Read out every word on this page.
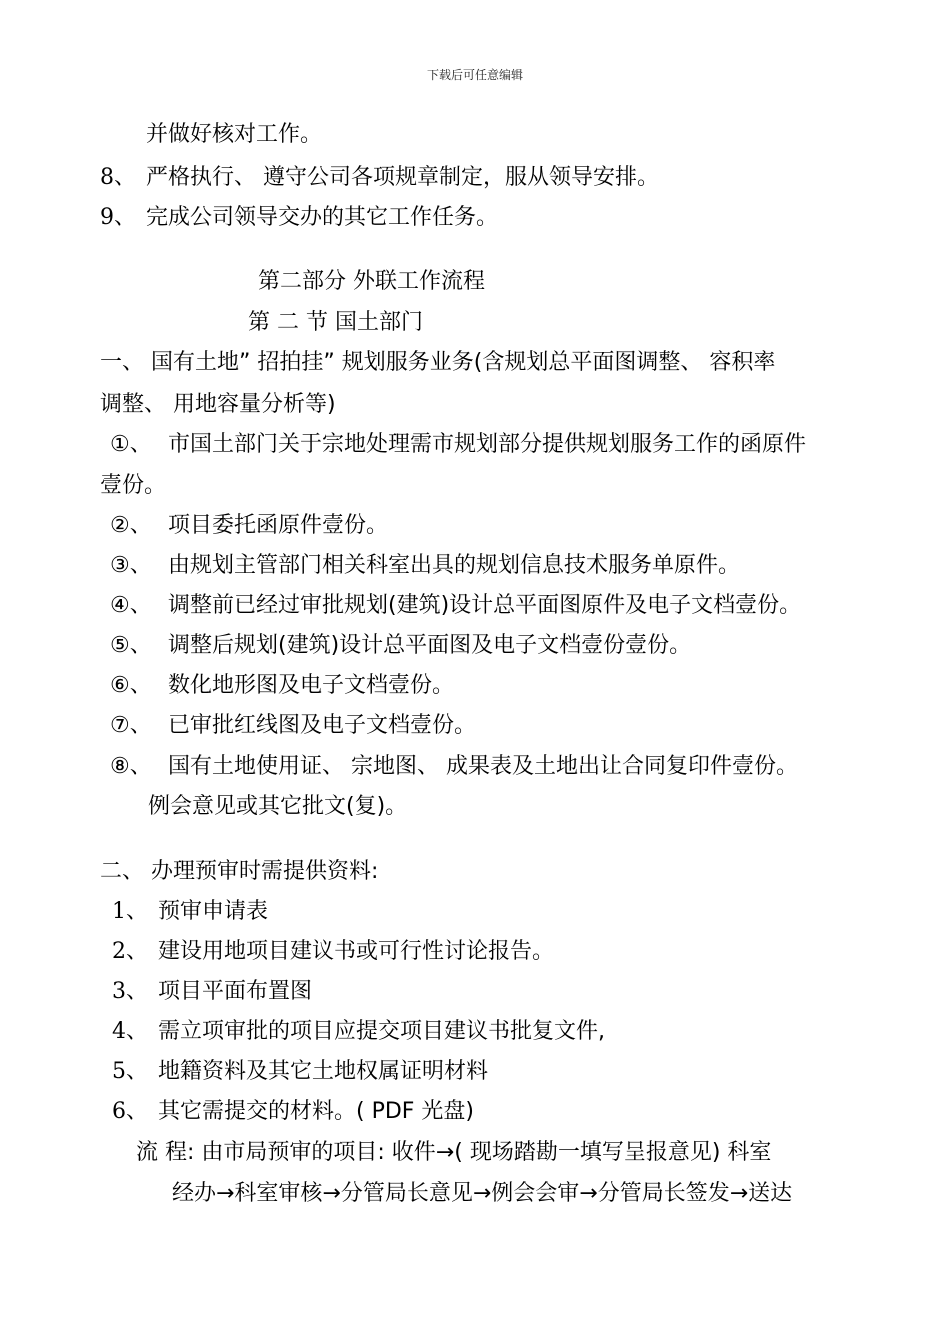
下载后可任意编辑
并做好核对工作。
8、 严格执行、 遵守公司各项规章制定，服从领导安排。
9、 完成公司领导交办的其它工作任务。
第二部分 外联工作流程
第 二 节 国土部门
一、 国有土地” 招拍挂” 规划服务业务(含规划总平面图调整、 容积率
调整、 用地容量分析等)
①、 市国土部门关于宗地处理需市规划部分提供规划服务工作的函原件
壹份。
②、 项目委托函原件壹份。
③、 由规划主管部门相关科室出具的规划信息技术服务单原件。
④、 调整前已经过审批规划(建筑)设计总平面图原件及电子文档壹份。
⑤、 调整后规划(建筑)设计总平面图及电子文档壹份壹份。
⑥、 数化地形图及电子文档壹份。
⑦、 已审批红线图及电子文档壹份。
⑧、 国有土地使用证、 宗地图、 成果表及土地出让合同复印件壹份。
例会意见或其它批文(复)。
二、 办理预审时需提供资料:
1、 预审申请表
2、 建设用地项目建议书或可行性讨论报告。
3、 项目平面布置图
4、 需立项审批的项目应提交项目建议书批复文件,
5、 地籍资料及其它土地权属证明材料
6、 其它需提交的材料。( PDF 光盘)
流 程: 由市局预审的项目: 收件→( 现场踏勘一填写呈报意见) 科室
经办→科室审核→分管局长意见→例会会审→分管局长签发→送达
